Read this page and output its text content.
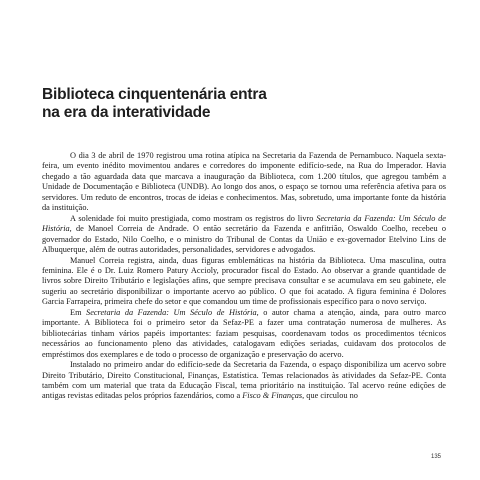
Biblioteca cinquentenária entra
na era da interatividade

O dia 3 de abril de 1970 registrou uma rotina atípica na Secretaria da Fazenda de Pernambuco. Naquela sexta-feira, um evento inédito movimentou andares e corredores do imponente edifício-sede, na Rua do Imperador. Havia chegado a tão aguardada data que marcava a inauguração da Biblioteca, com 1.200 títulos, que agregou também a Unidade de Documentação e Biblioteca (UNDB). Ao longo dos anos, o espaço se tornou uma referência afetiva para os servidores. Um reduto de encontros, trocas de ideias e conhecimentos. Mas, sobretudo, uma importante fonte da história da instituição.

A solenidade foi muito prestigiada, como mostram os registros do livro Secretaria da Fazenda: Um Século de História, de Manoel Correia de Andrade. O então secretário da Fazenda e anfitrião, Oswaldo Coelho, recebeu o governador do Estado, Nilo Coelho, e o ministro do Tribunal de Contas da União e ex-governador Etelvino Lins de Albuquerque, além de outras autoridades, personalidades, servidores e advogados.

Manuel Correia registra, ainda, duas figuras emblemáticas na história da Biblioteca. Uma masculina, outra feminina. Ele é o Dr. Luiz Romero Patury Accioly, procurador fiscal do Estado. Ao observar a grande quantidade de livros sobre Direito Tributário e legislações afins, que sempre precisava consultar e se acumulava em seu gabinete, ele sugeriu ao secretário disponibilizar o importante acervo ao público. O que foi acatado. A figura feminina é Dolores Garcia Farrapeira, primeira chefe do setor e que comandou um time de profissionais específico para o novo serviço.

Em Secretaria da Fazenda: Um Século de História, o autor chama a atenção, ainda, para outro marco importante. A Biblioteca foi o primeiro setor da Sefaz-PE a fazer uma contratação numerosa de mulheres. As bibliotecárias tinham vários papéis importantes: faziam pesquisas, coordenavam todos os procedimentos técnicos necessários ao funcionamento pleno das atividades, catalogavam edições seriadas, cuidavam dos protocolos de empréstimos dos exemplares e de todo o processo de organização e preservação do acervo.

Instalado no primeiro andar do edifício-sede da Secretaria da Fazenda, o espaço disponibiliza um acervo sobre Direito Tributário, Direito Constitucional, Finanças, Estatística. Temas relacionados às atividades da Sefaz-PE. Conta também com um material que trata da Educação Fiscal, tema prioritário na instituição. Tal acervo reúne edições de antigas revistas editadas pelos próprios fazendários, como a Fisco & Finanças, que circulou no

135
